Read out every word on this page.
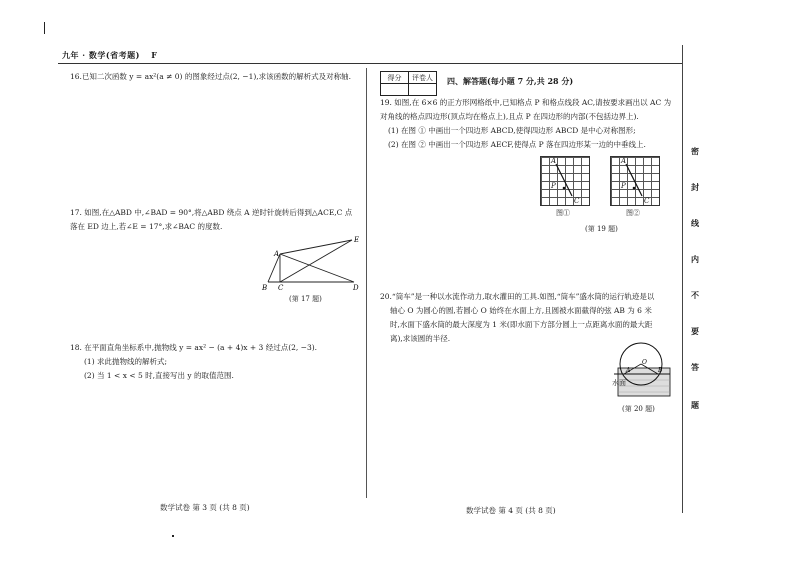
九年 · 数学(省考题) F
16.已知二次函数 y = ax²(a ≠ 0) 的图象经过点(2, −1),求该函数的解析式及对称轴.
17. 如图,在△ABD 中,∠BAD = 90°,将△ABD 绕点 A 逆时针旋转后得到△ACE,C 点
落在 ED 边上,若∠E = 17°,求∠BAC 的度数.
A
B C	D
E
(第 17 题)
18. 在平面直角坐标系中,抛物线 y = ax² − (a + 4)x + 3 经过点(2, −3).
(1) 求此抛物线的解析式;
(2) 当 1 < x < 5 时,直接写出 y 的取值范围.
数学试卷 第 3 页 (共 8 页)
得分	评卷人
	四、解答题(每小题 7 分,共 28 分)
19. 如图,在 6×6 的正方形网格纸中,已知格点 P 和格点线段 AC,请按要求画出以 AC 为
对角线的格点四边形(顶点均在格点上),且点 P 在四边形的内部(不包括边界上).
(1) 在图 ① 中画出一个四边形 ABCD,使得四边形 ABCD 是中心对称图形;
(2) 在图 ② 中画出一个四边形 AECF,使得点 P 落在四边形某一边的中垂线上.
A
P
C
图①
A
P
C
图②
(第 19 题)
20.“筒车”是一种以水流作动力,取水灌田的工具.如图,“筒车”盛水筒的运行轨迹是以
轴心 O 为圆心的圆,若圆心 O 始终在水面上方,且圆被水面截得的弦 AB 为 6 米
时,水面下盛水筒的最大深度为 1 米(即水面下方部分圆上一点距离水面的最大距
离),求该圆的半径.
O
A	B
水面
(第 20 题)
数学试卷 第 4 页 (共 8 页)
密
封
线
内
不
要
答
题
